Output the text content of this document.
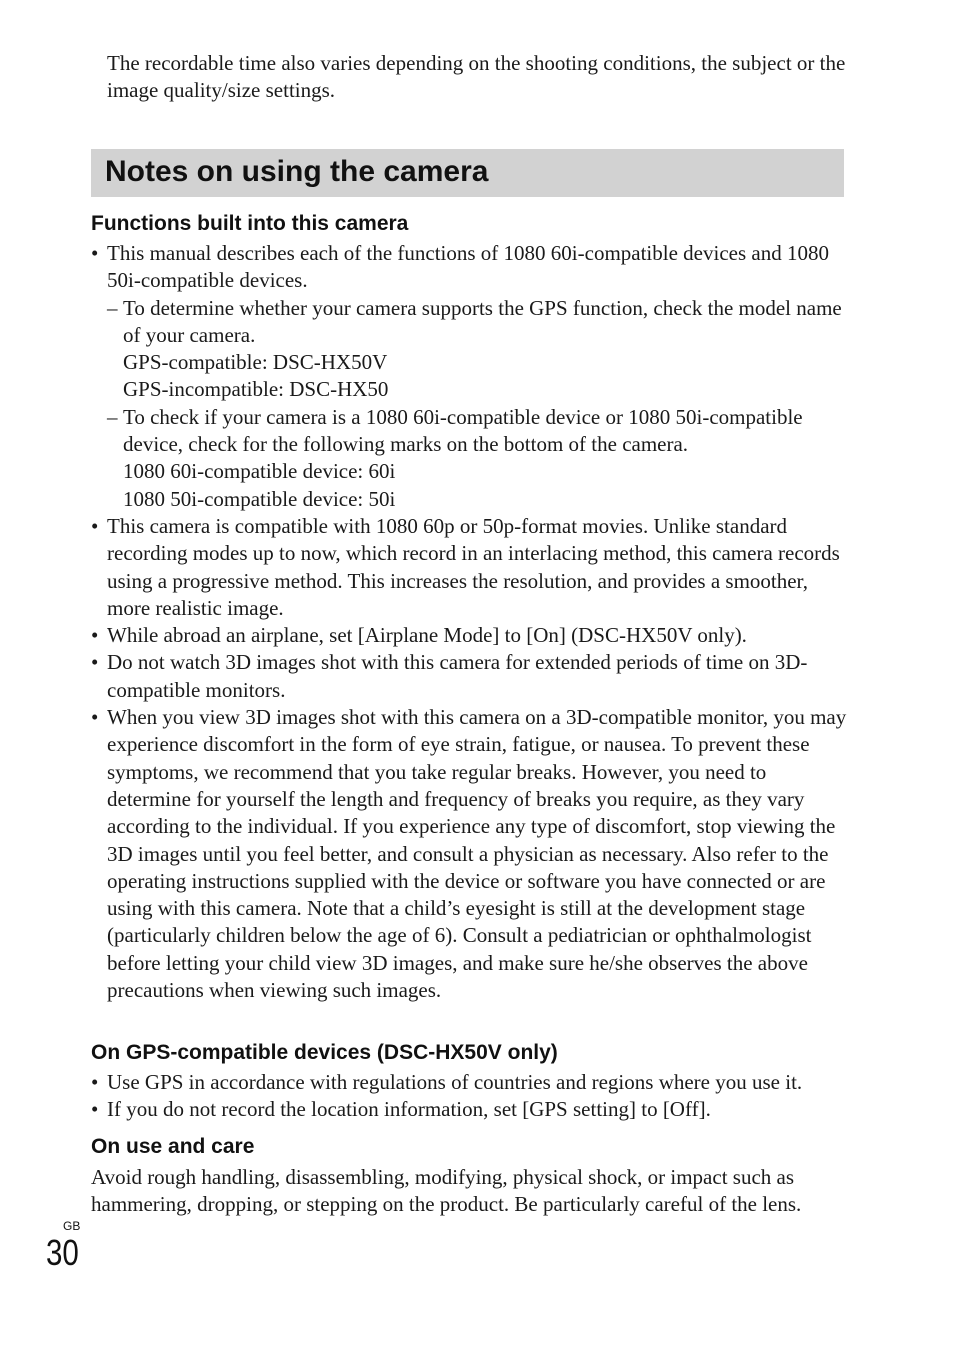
The recordable time also varies depending on the shooting conditions, the subject or the image quality/size settings.

Notes on using the camera
Functions built into this camera
• This manual describes each of the functions of 1080 60i-compatible devices and 1080 50i-compatible devices.
– To determine whether your camera supports the GPS function, check the model name of your camera.
GPS-compatible: DSC-HX50V
GPS-incompatible: DSC-HX50
– To check if your camera is a 1080 60i-compatible device or 1080 50i-compatible device, check for the following marks on the bottom of the camera.
1080 60i-compatible device: 60i
1080 50i-compatible device: 50i
• This camera is compatible with 1080 60p or 50p-format movies. Unlike standard recording modes up to now, which record in an interlacing method, this camera records using a progressive method. This increases the resolution, and provides a smoother, more realistic image.
• While abroad an airplane, set [Airplane Mode] to [On] (DSC-HX50V only).
• Do not watch 3D images shot with this camera for extended periods of time on 3D-compatible monitors.
• When you view 3D images shot with this camera on a 3D-compatible monitor, you may experience discomfort in the form of eye strain, fatigue, or nausea. To prevent these symptoms, we recommend that you take regular breaks. However, you need to determine for yourself the length and frequency of breaks you require, as they vary according to the individual. If you experience any type of discomfort, stop viewing the 3D images until you feel better, and consult a physician as necessary. Also refer to the operating instructions supplied with the device or software you have connected or are using with this camera. Note that a child’s eyesight is still at the development stage (particularly children below the age of 6). Consult a pediatrician or ophthalmologist before letting your child view 3D images, and make sure he/she observes the above precautions when viewing such images.
On GPS-compatible devices (DSC-HX50V only)
• Use GPS in accordance with regulations of countries and regions where you use it.
• If you do not record the location information, set [GPS setting] to [Off].
On use and care

Avoid rough handling, disassembling, modifying, physical shock, or impact such as hammering, dropping, or stepping on the product. Be particularly careful of the lens.

GB
30
